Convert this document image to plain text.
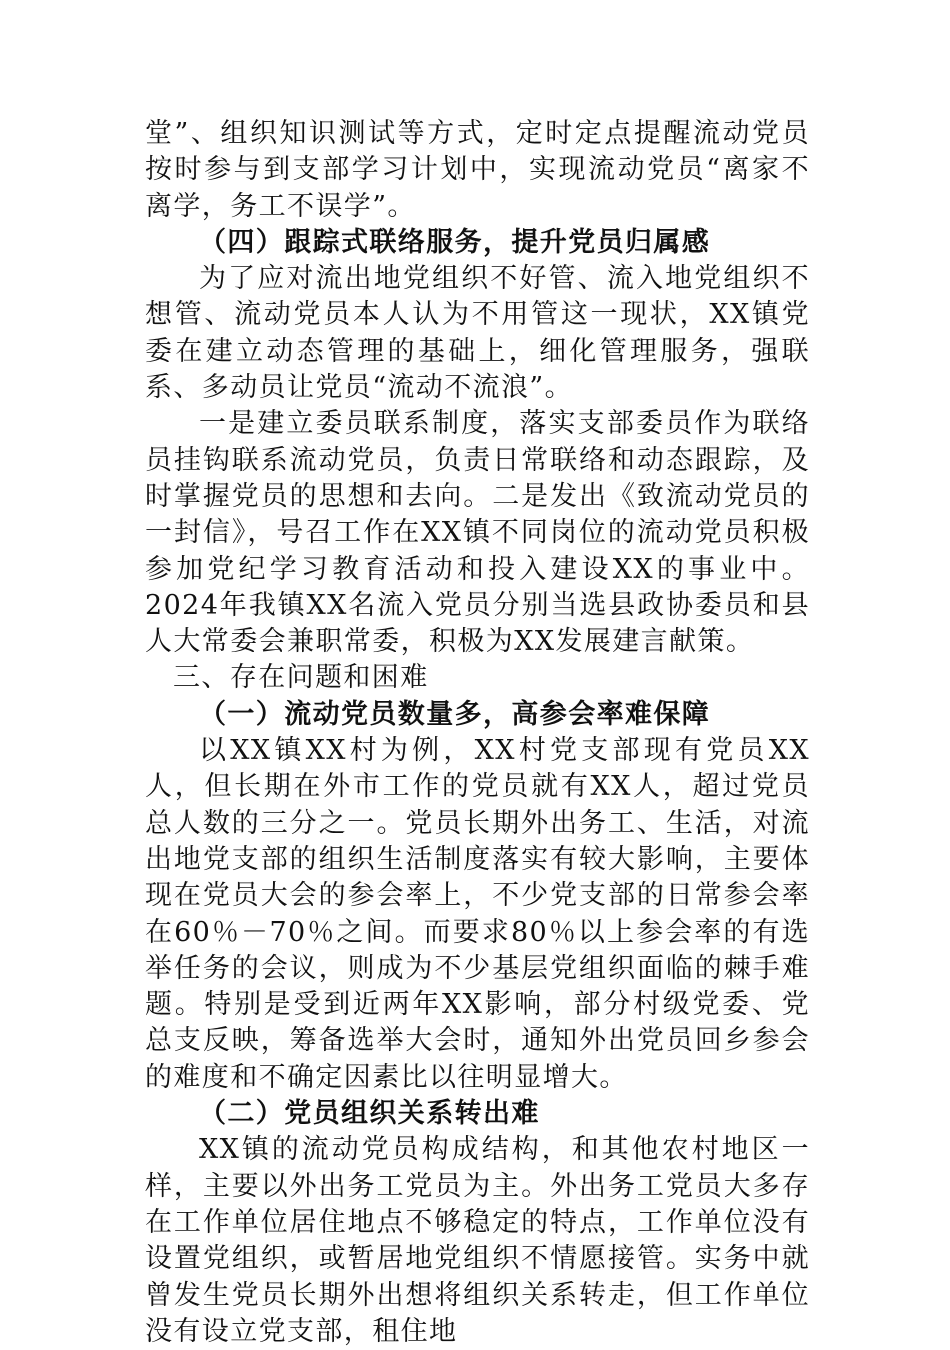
堂”、组织知识测试等方式，定时定点提醒流动党员按时参与到支部学习计划中，实现流动党员“离家不离学，务工不误学”。

（四）跟踪式联络服务，提升党员归属感

为了应对流出地党组织不好管、流入地党组织不想管、流动党员本人认为不用管这一现状，XX镇党委在建立动态管理的基础上，细化管理服务，强联系、多动员让党员“流动不流浪”。

一是建立委员联系制度，落实支部委员作为联络员挂钩联系流动党员，负责日常联络和动态跟踪，及时掌握党员的思想和去向。二是发出《致流动党员的一封信》，号召工作在XX镇不同岗位的流动党员积极参加党纪学习教育活动和投入建设XX的事业中。2024年我镇XX名流入党员分别当选县政协委员和县人大常委会兼职常委，积极为XX发展建言献策。

三、存在问题和困难

（一）流动党员数量多，高参会率难保障

以XX镇XX村为例，XX村党支部现有党员XX人，但长期在外市工作的党员就有XX人，超过党员总人数的三分之一。党员长期外出务工、生活，对流出地党支部的组织生活制度落实有较大影响，主要体现在党员大会的参会率上，不少党支部的日常参会率在60％－70％之间。而要求80％以上参会率的有选举任务的会议，则成为不少基层党组织面临的棘手难题。特别是受到近两年XX影响，部分村级党委、党总支反映，筹备选举大会时，通知外出党员回乡参会的难度和不确定因素比以往明显增大。

（二）党员组织关系转出难

XX镇的流动党员构成结构，和其他农村地区一样，主要以外出务工党员为主。外出务工党员大多存在工作单位居住地点不够稳定的特点，工作单位没有设置党组织，或暂居地党组织不情愿接管。实务中就曾发生党员长期外出想将组织关系转走，但工作单位没有设立党支部，租住地
